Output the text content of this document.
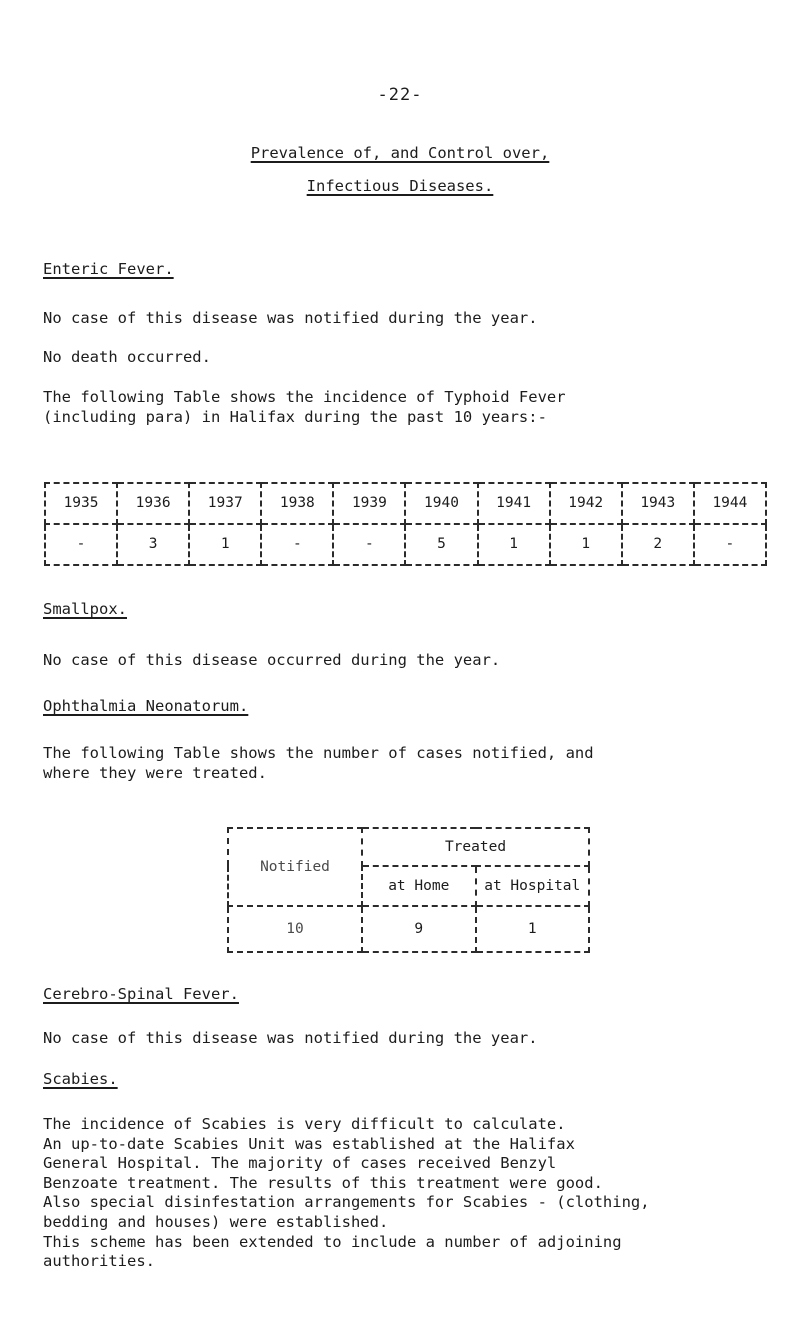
-22-
Prevalence of, and Control over,
Infectious Diseases.
Enteric Fever.
No case of this disease was notified during the year.
No death occurred.
The following Table shows the incidence of Typhoid Fever
(including para) in Halifax during the past 10 years:-
1935	1936	1937	1938	1939	1940	1941	1942	1943	1944
-	3	1	-	-	5	1	1	2	-
Smallpox.
No case of this disease occurred during the year.
Ophthalmia Neonatorum.
The following Table shows the number of cases notified, and
where they were treated.
Notified	Treated	
	at Home	at Hospital
10	9	1
Cerebro-Spinal Fever.
No case of this disease was notified during the year.
Scabies.
The incidence of Scabies is very difficult to calculate.
An up-to-date Scabies Unit was established at the Halifax
General Hospital. The majority of cases received Benzyl
Benzoate treatment. The results of this treatment were good.
Also special disinfestation arrangements for Scabies - (clothing,
bedding and houses) were established.
This scheme has been extended to include a number of adjoining
authorities.
